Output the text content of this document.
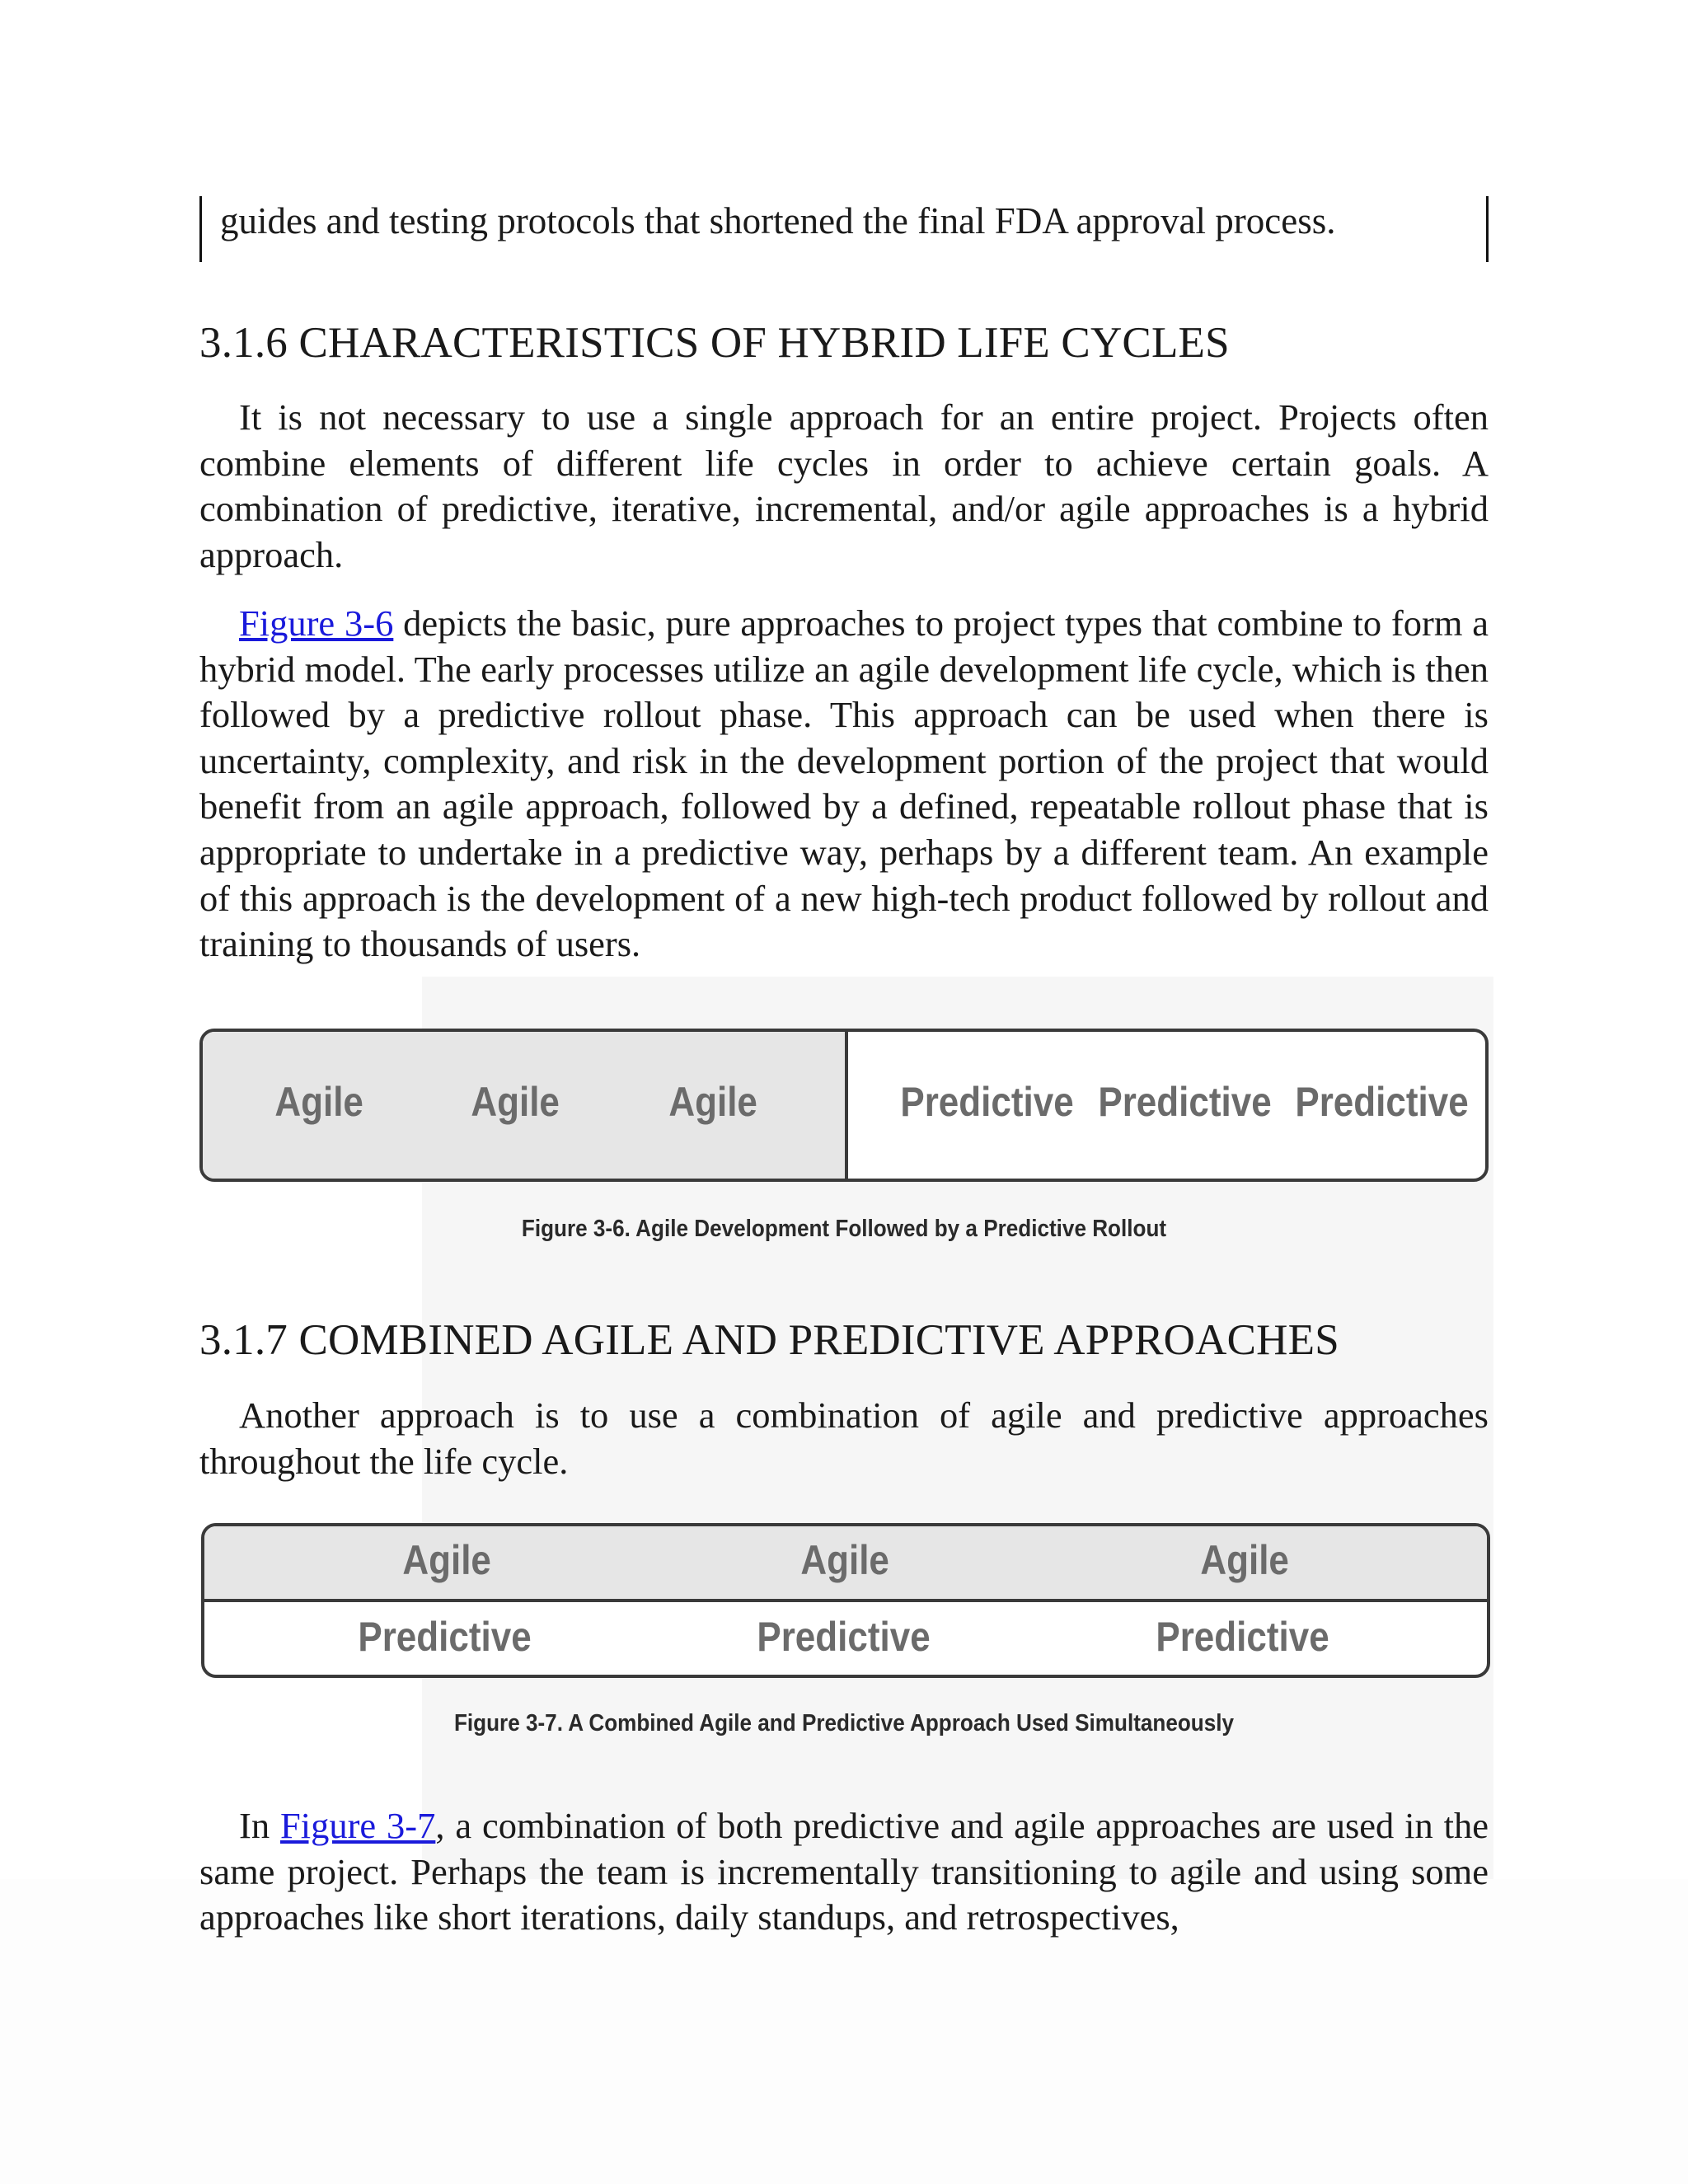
guides and testing protocols that shortened the final FDA approval process.
3.1.6 CHARACTERISTICS OF HYBRID LIFE CYCLES

It is not necessary to use a single approach for an entire project. Projects often combine elements of different life cycles in order to achieve certain goals. A combination of predictive, iterative, incremental, and/or agile approaches is a hybrid approach.

Figure 3-6 depicts the basic, pure approaches to project types that combine to form a hybrid model. The early processes utilize an agile development life cycle, which is then followed by a predictive rollout phase. This approach can be used when there is uncertainty, complexity, and risk in the development portion of the project that would benefit from an agile approach, followed by a defined, repeatable rollout phase that is appropriate to undertake in a predictive way, perhaps by a different team. An example of this approach is the development of a new high-tech product followed by rollout and training to thousands of users.

Agile	Agile	Agile	Predictive Predictive Predictive
Figure 3-6. Agile Development Followed by a Predictive Rollout
3.1.7 COMBINED AGILE AND PREDICTIVE APPROACHES

Another approach is to use a combination of agile and predictive approaches throughout the life cycle.

Agile	Agile	Agile
Predictive	Predictive	Predictive
Figure 3-7. A Combined Agile and Predictive Approach Used Simultaneously

In Figure 3-7, a combination of both predictive and agile approaches are used in the same project. Perhaps the team is incrementally transitioning to agile and using some approaches like short iterations, daily standups, and retrospectives,
